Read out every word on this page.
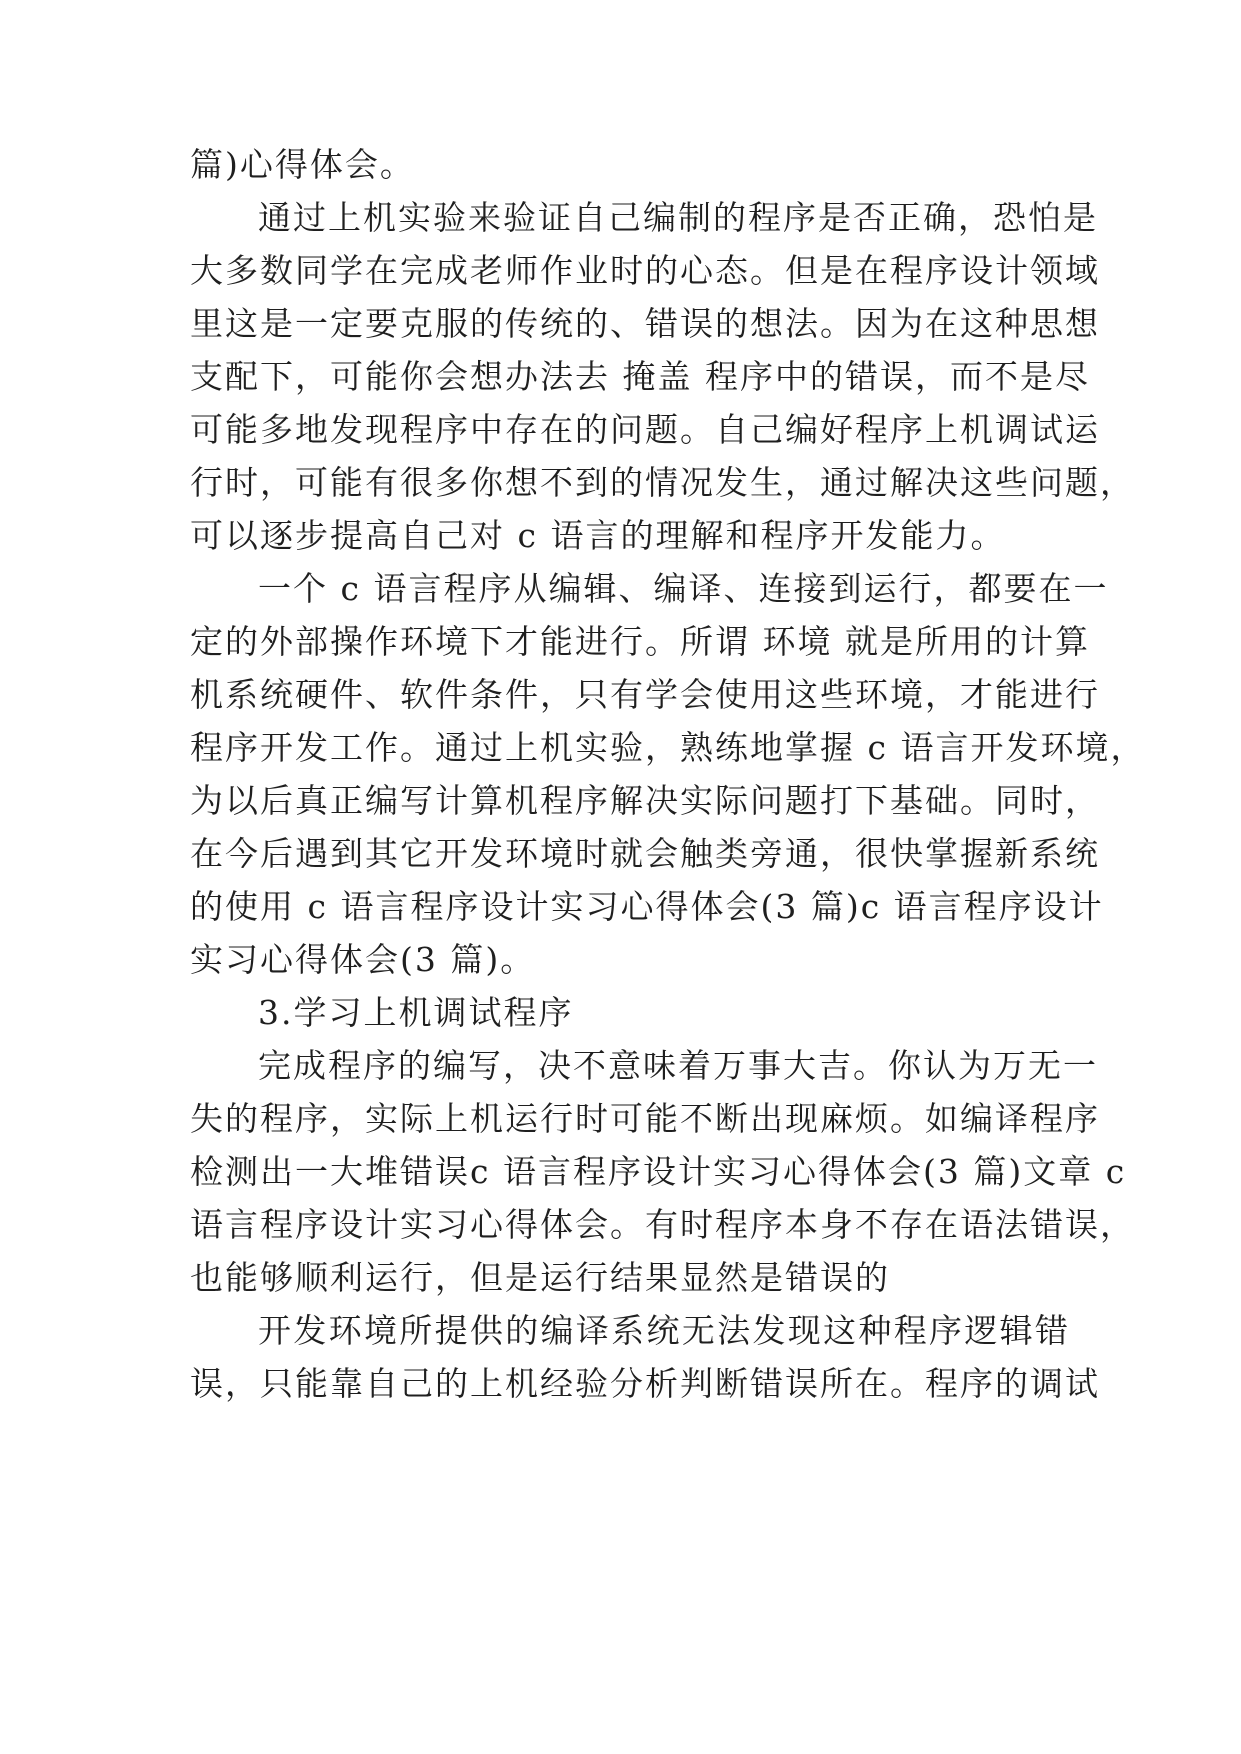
篇)心得体会。
通过上机实验来验证自己编制的程序是否正确，恐怕是
大多数同学在完成老师作业时的心态。但是在程序设计领域
里这是一定要克服的传统的、错误的想法。因为在这种思想
支配下，可能你会想办法去 掩盖 程序中的错误，而不是尽
可能多地发现程序中存在的问题。自己编好程序上机调试运
行时，可能有很多你想不到的情况发生，通过解决这些问题，
可以逐步提高自己对 c 语言的理解和程序开发能力。
一个 c 语言程序从编辑、编译、连接到运行，都要在一
定的外部操作环境下才能进行。所谓 环境 就是所用的计算
机系统硬件、软件条件，只有学会使用这些环境，才能进行
程序开发工作。通过上机实验，熟练地掌握 c 语言开发环境，
为以后真正编写计算机程序解决实际问题打下基础。同时，
在今后遇到其它开发环境时就会触类旁通，很快掌握新系统
的使用 c 语言程序设计实习心得体会(3 篇)c 语言程序设计
实习心得体会(3 篇)。
3.学习上机调试程序
完成程序的编写，决不意味着万事大吉。你认为万无一
失的程序，实际上机运行时可能不断出现麻烦。如编译程序
检测出一大堆错误c 语言程序设计实习心得体会(3 篇)文章 c
语言程序设计实习心得体会。有时程序本身不存在语法错误，
也能够顺利运行，但是运行结果显然是错误的
开发环境所提供的编译系统无法发现这种程序逻辑错
误，只能靠自己的上机经验分析判断错误所在。程序的调试
